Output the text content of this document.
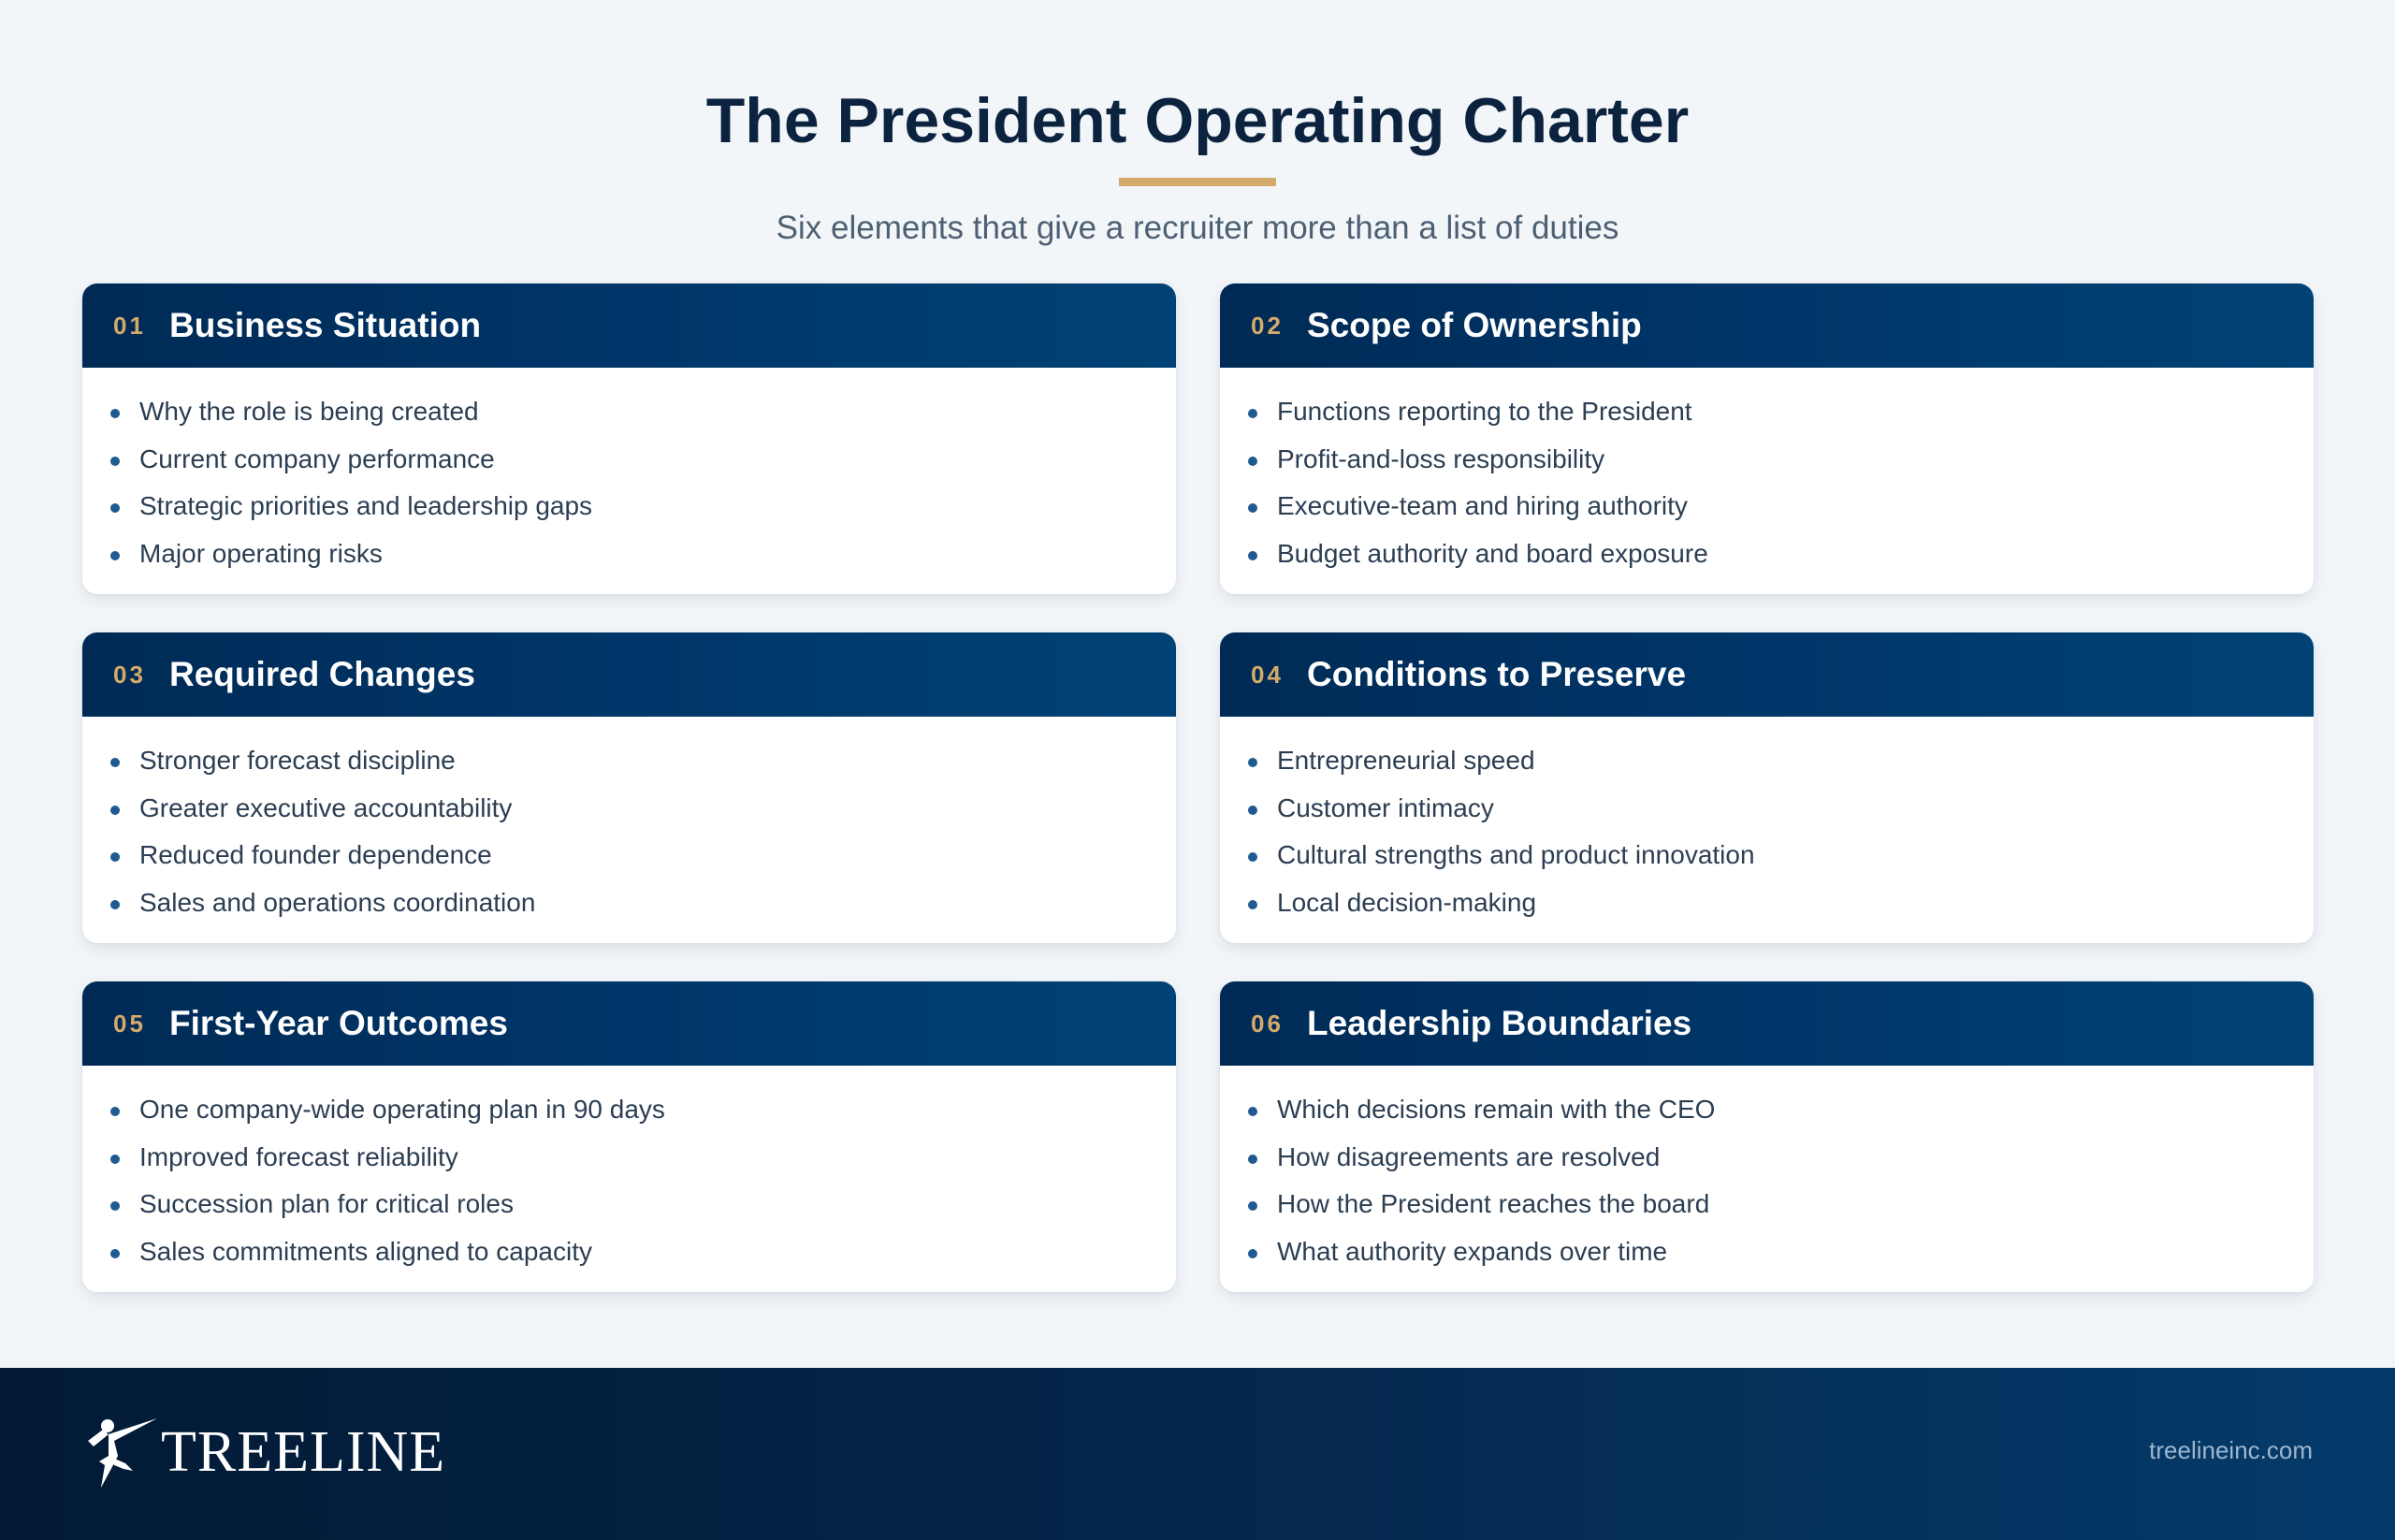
The President Operating Charter
Six elements that give a recruiter more than a list of duties
01 Business Situation
Why the role is being created
Current company performance
Strategic priorities and leadership gaps
Major operating risks
02 Scope of Ownership
Functions reporting to the President
Profit-and-loss responsibility
Executive-team and hiring authority
Budget authority and board exposure
03 Required Changes
Stronger forecast discipline
Greater executive accountability
Reduced founder dependence
Sales and operations coordination
04 Conditions to Preserve
Entrepreneurial speed
Customer intimacy
Cultural strengths and product innovation
Local decision-making
05 First-Year Outcomes
One company-wide operating plan in 90 days
Improved forecast reliability
Succession plan for critical roles
Sales commitments aligned to capacity
06 Leadership Boundaries
Which decisions remain with the CEO
How disagreements are resolved
How the President reaches the board
What authority expands over time
TREELINE	treelineinc.com
